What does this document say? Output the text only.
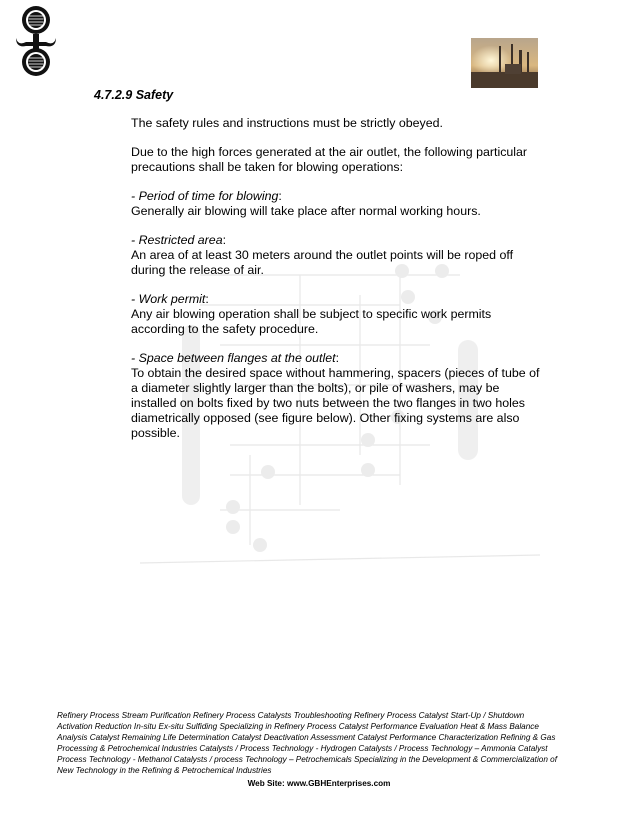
4.7.2.9 Safety

The safety rules and instructions must be strictly obeyed.

Due to the high forces generated at the air outlet, the following particular precautions shall be taken for blowing operations:

- Period of time for blowing:
Generally air blowing will take place after normal working hours.

- Restricted area:
An area of at least 30 meters around the outlet points will be roped off during the release of air.

- Work permit:
Any air blowing operation shall be subject to specific work permits according to the safety procedure.

- Space between flanges at the outlet:
To obtain the desired space without hammering, spacers (pieces of tube of a diameter slightly larger than the bolts), or pile of washers, may be installed on bolts fixed by two nuts between the two flanges in two holes diametrically opposed (see figure below). Other fixing systems are also possible.

Refinery Process Stream Purification Refinery Process Catalysts Troubleshooting Refinery Process Catalyst Start-Up / Shutdown Activation Reduction In-situ Ex-situ Sulfiding Specializing in Refinery Process Catalyst Performance Evaluation Heat & Mass Balance Analysis Catalyst Remaining Life Determination Catalyst Deactivation Assessment Catalyst Performance Characterization Refining & Gas Processing & Petrochemical Industries Catalysts / Process Technology - Hydrogen Catalysts / Process Technology – Ammonia Catalyst Process Technology - Methanol Catalysts / process Technology – Petrochemicals Specializing in the Development & Commercialization of New Technology in the Refining & Petrochemical Industries

Web Site: www.GBHEnterprises.com
